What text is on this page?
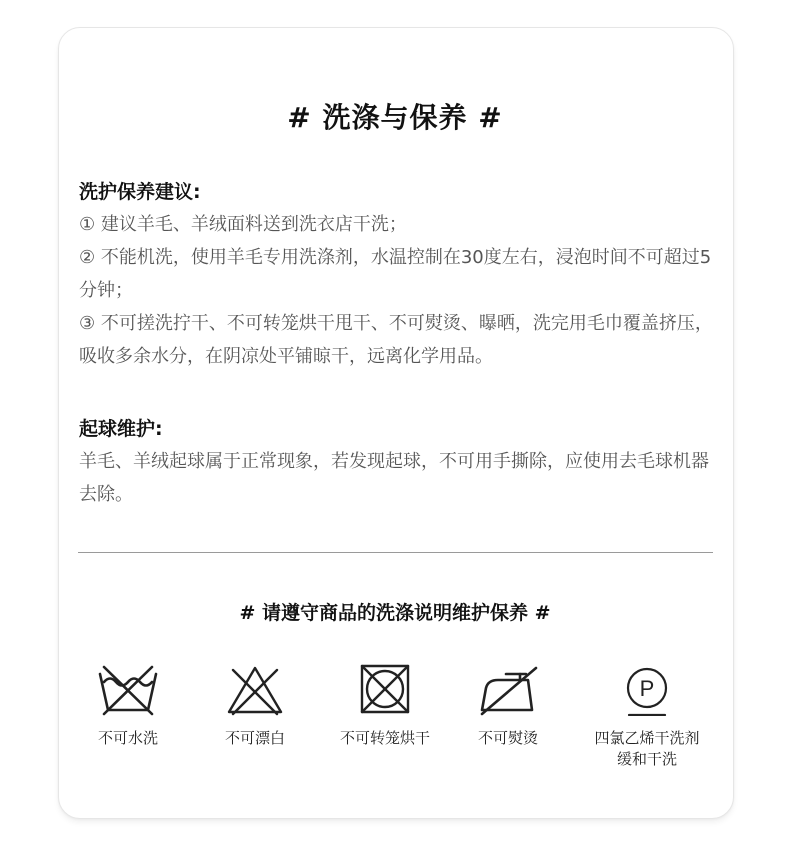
# 洗涤与保养 #

洗护保养建议:

① 建议羊毛、羊绒面料送到洗衣店干洗；

② 不能机洗，使用羊毛专用洗涤剂，水温控制在30度左右，浸泡时间不可超过5分钟；

③ 不可搓洗拧干、不可转笼烘干甩干、不可熨烫、曝晒，洗完用毛巾覆盖挤压，吸收多余水分，在阴凉处平铺晾干，远离化学用品。

起球维护:

羊毛、羊绒起球属于正常现象，若发现起球，不可用手撕除，应使用去毛球机器去除。

# 请遵守商品的洗涤说明维护保养 #
不可水洗	不可漂白	不可转笼烘干	不可熨烫
P
四氯乙烯干洗剂
缓和干洗
